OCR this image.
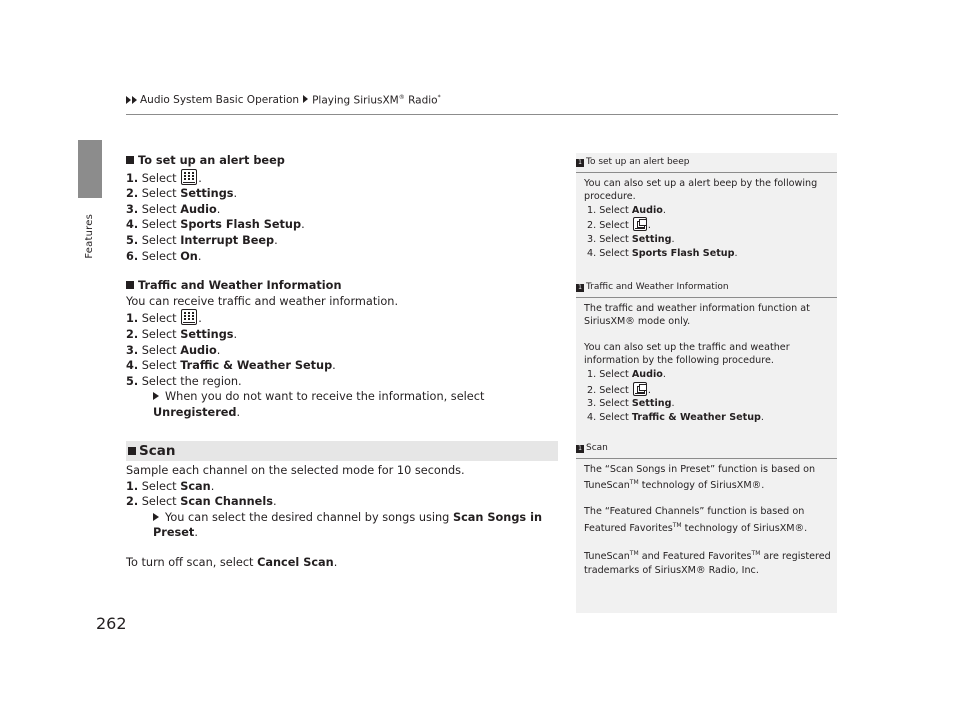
Features
Audio System Basic Operation Playing SiriusXM® Radio*

To set up an alert beep

1. Select
.

2. Select Settings.

3. Select Audio.

4. Select Sports Flash Setup.

5. Select Interrupt Beep.

6. Select On.

Traffic and Weather Information

You can receive traffic and weather information.

1. Select
.

2. Select Settings.

3. Select Audio.

4. Select Traffic & Weather Setup.

5. Select the region.

When you do not want to receive the information, select Unregistered.

Scan

Sample each channel on the selected mode for 10 seconds.

1. Select Scan.

2. Select Scan Channels.

You can select the desired channel by songs using Scan Songs in Preset.

To turn off scan, select Cancel Scan.

1 To set up an alert beep

You can also set up a alert beep by the following

procedure.

1. Select Audio.

2. Select
.

3. Select Setting.

4. Select Sports Flash Setup.

1 Traffic and Weather Information

The traffic and weather information function at

SiriusXM® mode only.

You can also set up the traffic and weather

information by the following procedure.

1. Select Audio.

2. Select
.

3. Select Setting.

4. Select Traffic & Weather Setup.

1 Scan

The “Scan Songs in Preset” function is based on

TuneScan™ technology of SiriusXM®.

The “Featured Channels” function is based on

Featured Favorites™ technology of SiriusXM®.

TuneScan™ and Featured Favorites™ are registered

trademarks of SiriusXM® Radio, Inc.

262
